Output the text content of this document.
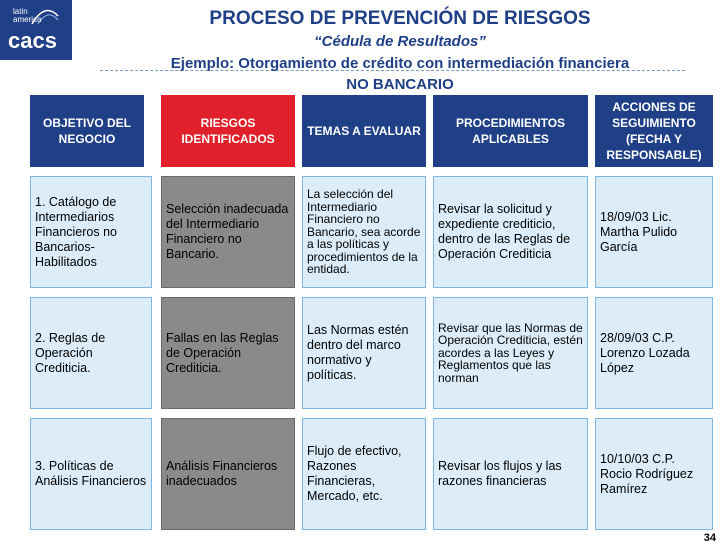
latin
america
cacs
PROCESO DE PREVENCIÓN DE RIESGOS
“Cédula de Resultados”
Ejemplo: Otorgamiento de crédito con intermediación financiera
NO BANCARIO
OBJETIVO DEL NEGOCIO
RIESGOS IDENTIFICADOS
TEMAS A EVALUAR
PROCEDIMIENTOS APLICABLES
ACCIONES DE SEGUIMIENTO (FECHA Y RESPONSABLE)
1. Catálogo de Intermediarios Financieros no Bancarios- Habilitados
Selección inadecuada del Intermediario Financiero no Bancario.
La selección del Intermediario Financiero no Bancario, sea acorde a las políticas y procedimientos de la entidad.
Revisar la solicitud y expediente crediticio, dentro de las Reglas de Operación Crediticia
18/09/03 Lic. Martha Pulido García
2. Reglas de Operación Crediticia.
Fallas en las Reglas de Operación Crediticia.
Las Normas estén dentro del marco normativo y políticas.
Revisar que las Normas de Operación Crediticia, estén acordes a las Leyes y Reglamentos que las norman
28/09/03 C.P. Lorenzo Lozada López
3. Políticas de Análisis Financieros
Análisis Financieros inadecuados
Flujo de efectivo, Razones Financieras, Mercado, etc.
Revisar los flujos y las razones financieras
10/10/03 C.P. Rocio Rodríguez Ramírez
34
